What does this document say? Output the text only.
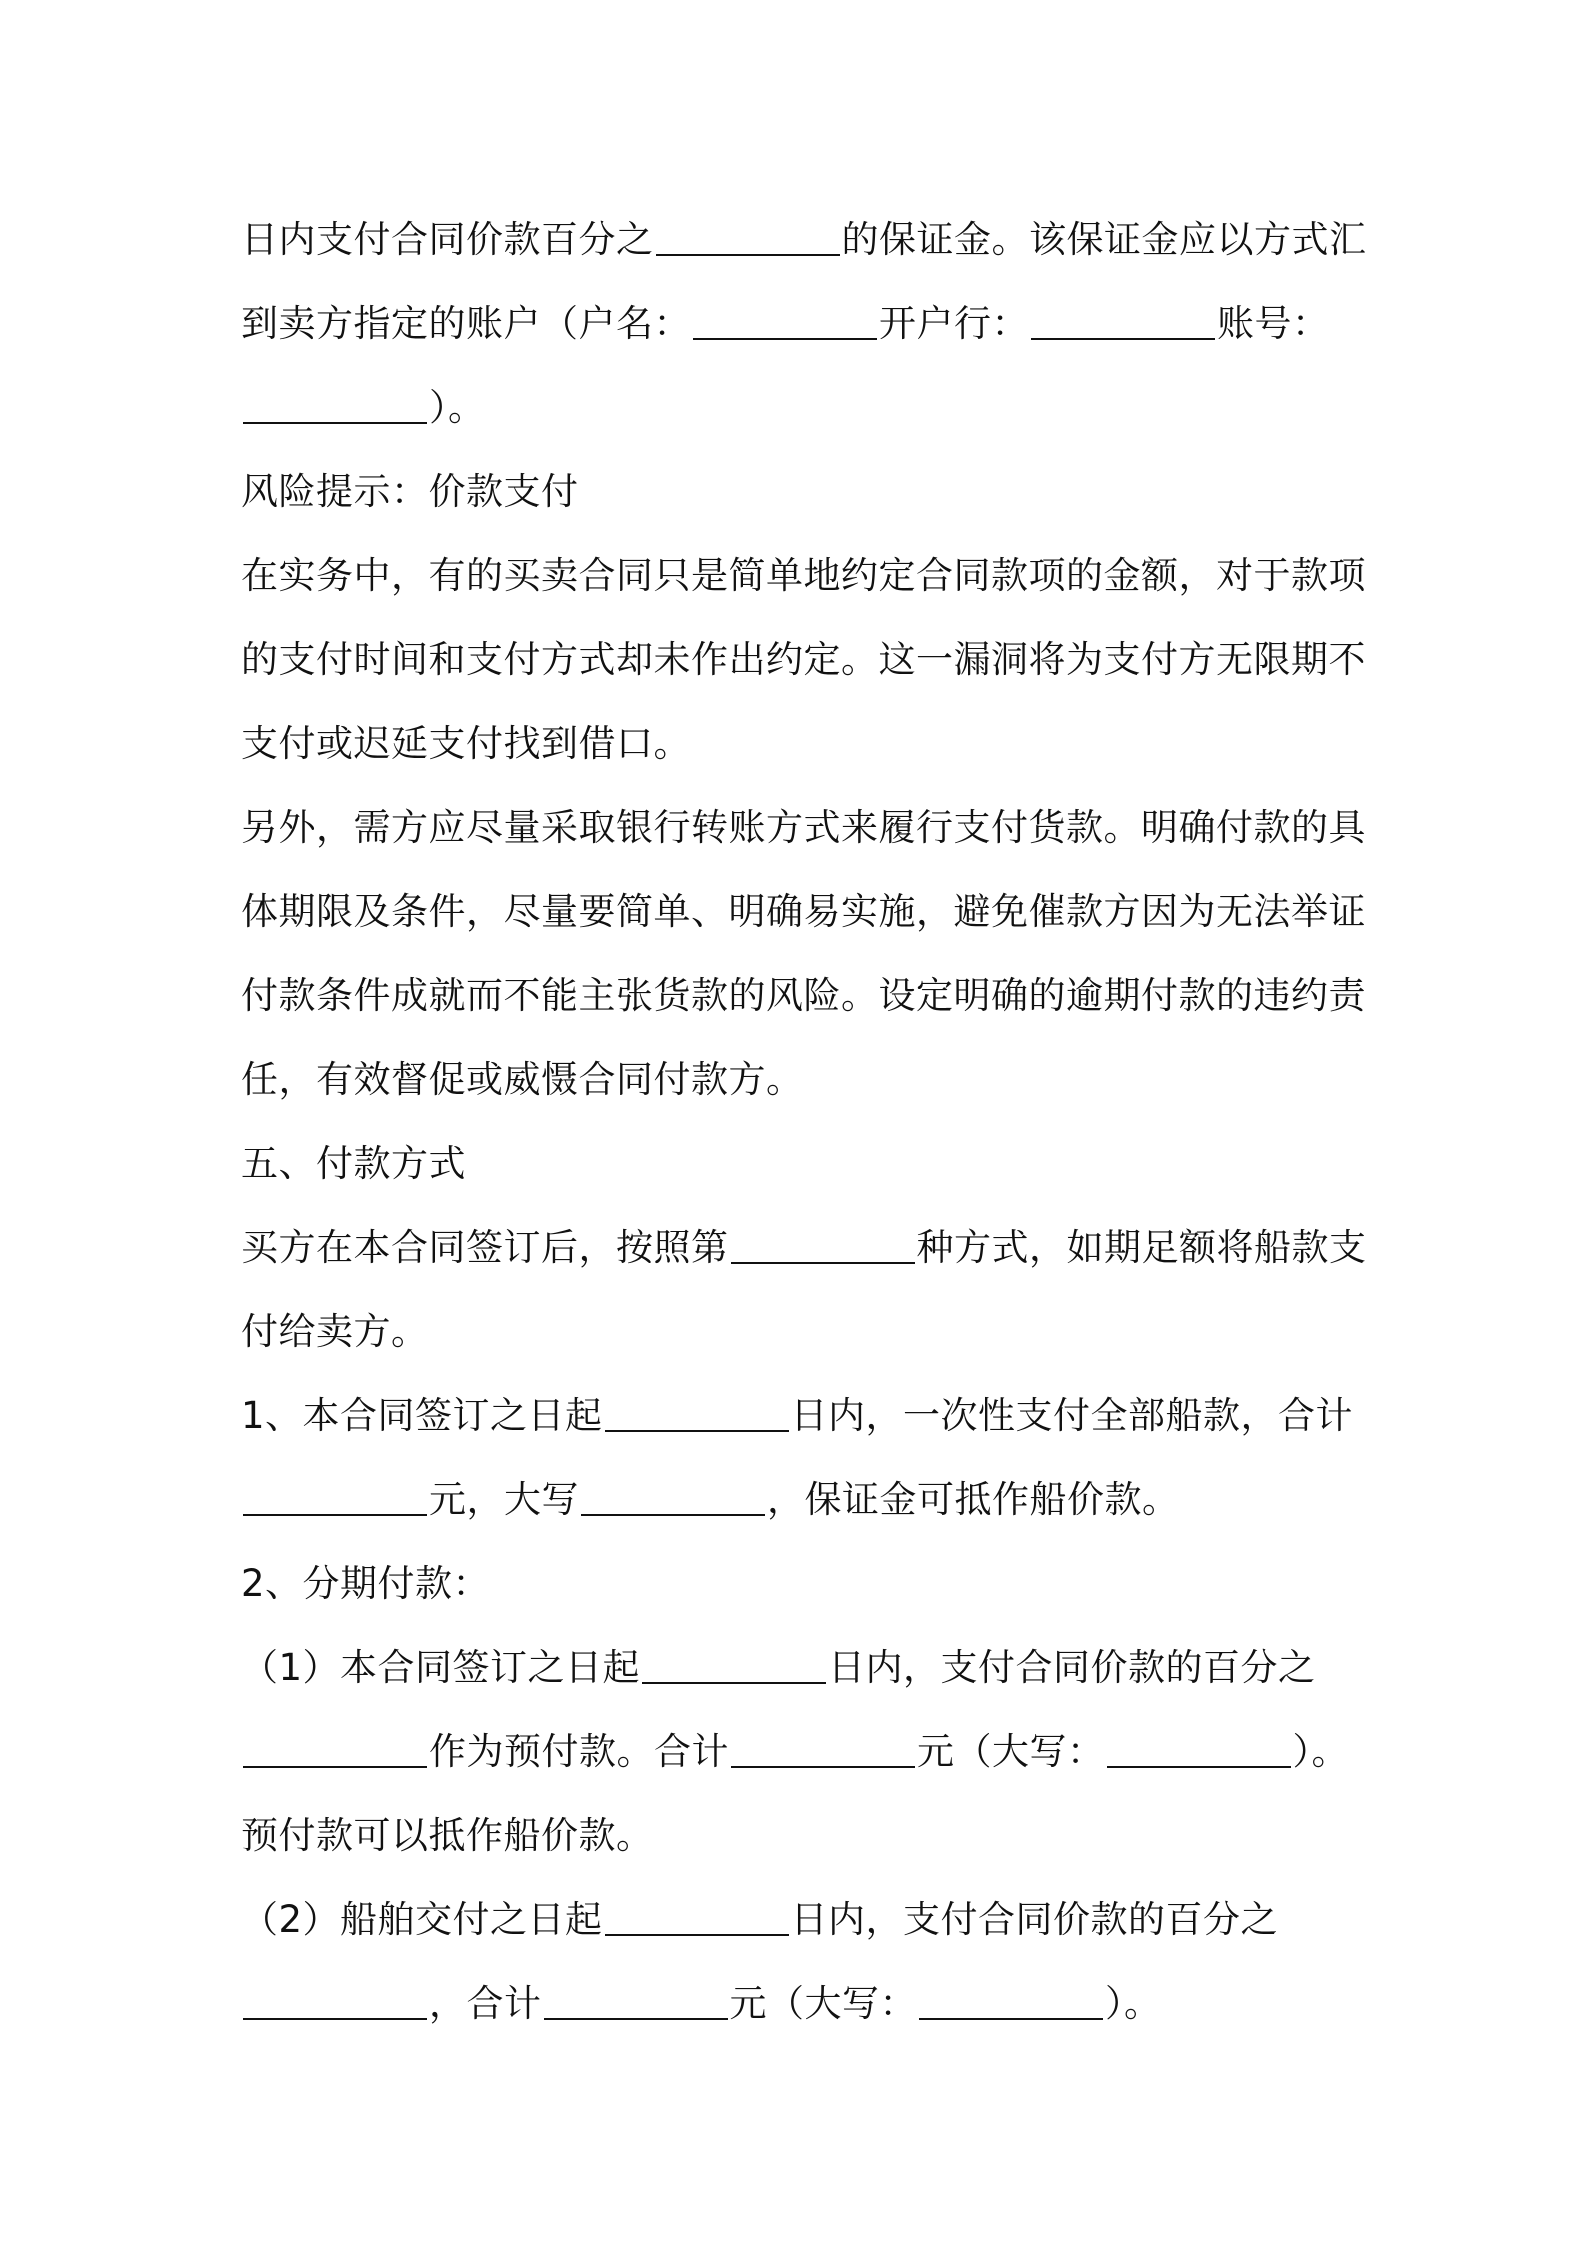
日内支付合同价款百分之	的保证金。该保证金应以方式汇
到卖方指定的账户（户名：	开户行：	账号：
）。
风险提示：价款支付
在实务中，有的买卖合同只是简单地约定合同款项的金额，对于款项
的支付时间和支付方式却未作出约定。这一漏洞将为支付方无限期不
支付或迟延支付找到借口。
另外，需方应尽量采取银行转账方式来履行支付货款。明确付款的具
体期限及条件，尽量要简单、明确易实施，避免催款方因为无法举证
付款条件成就而不能主张货款的风险。设定明确的逾期付款的违约责
任，有效督促或威慑合同付款方。
五、付款方式
买方在本合同签订后，按照第	种方式，如期足额将船款支
付给卖方。
1、本合同签订之日起	日内，一次性支付全部船款，合计
元，大写	，保证金可抵作船价款。
2、分期付款：
（1）本合同签订之日起	日内，支付合同价款的百分之
作为预付款。合计	元（大写：	）。
预付款可以抵作船价款。
（2）船舶交付之日起	日内，支付合同价款的百分之
，合计	元（大写：	）。
